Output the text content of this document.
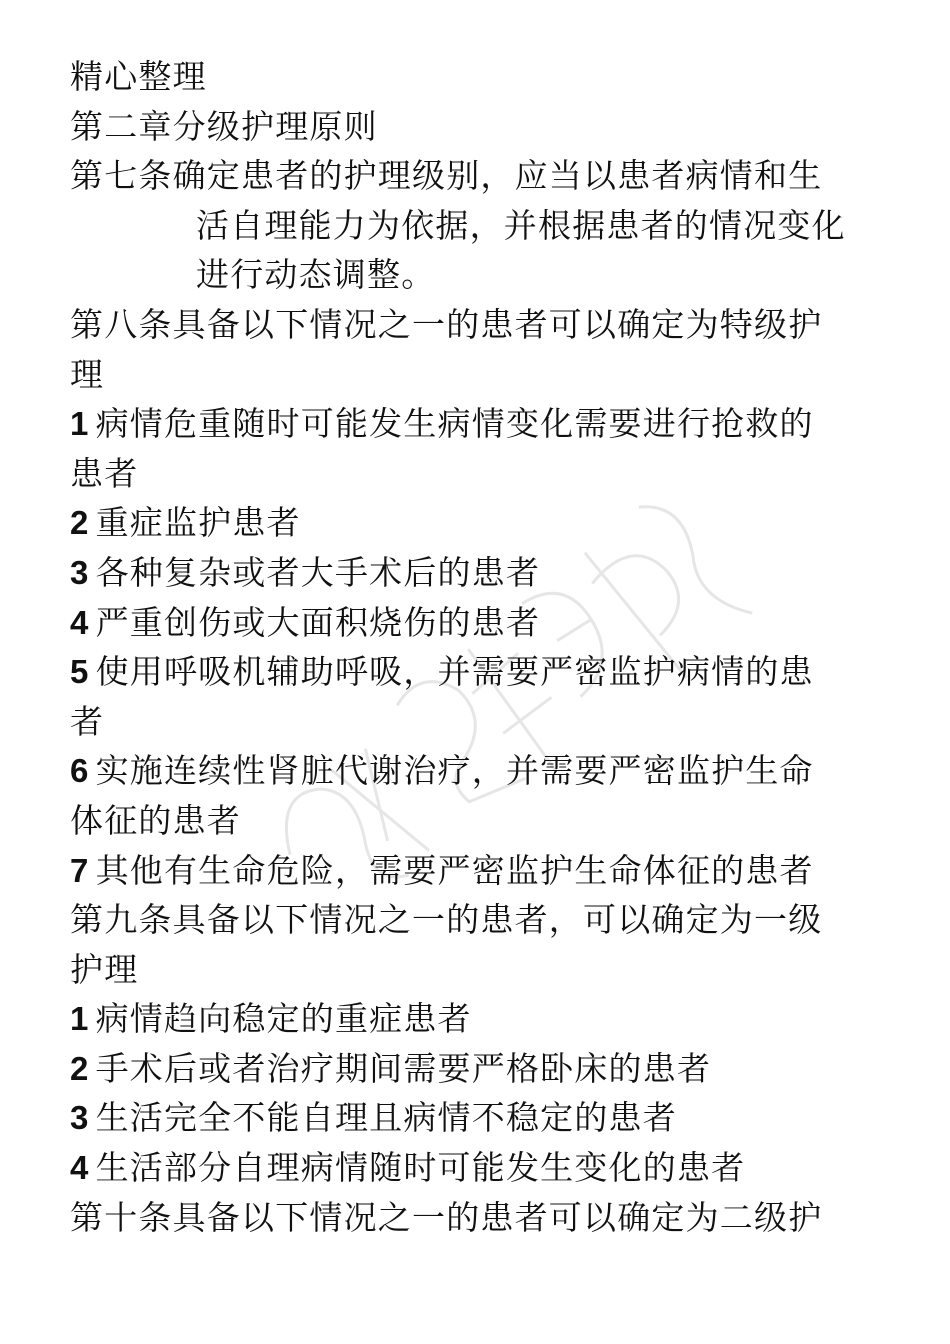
精心整理
第二章分级护理原则
第七条确定患者的护理级别，应当以患者病情和生
活自理能力为依据，并根据患者的情况变化
进行动态调整。
第八条具备以下情况之一的患者可以确定为特级护
理
1 病情危重随时可能发生病情变化需要进行抢救的
患者
2 重症监护患者
3 各种复杂或者大手术后的患者
4 严重创伤或大面积烧伤的患者
5 使用呼吸机辅助呼吸，并需要严密监护病情的患
者
6 实施连续性肾脏代谢治疗，并需要严密监护生命
体征的患者
7 其他有生命危险，需要严密监护生命体征的患者
第九条具备以下情况之一的患者，可以确定为一级
护理
1 病情趋向稳定的重症患者
2 手术后或者治疗期间需要严格卧床的患者
3 生活完全不能自理且病情不稳定的患者
4 生活部分自理病情随时可能发生变化的患者
第十条具备以下情况之一的患者可以确定为二级护
